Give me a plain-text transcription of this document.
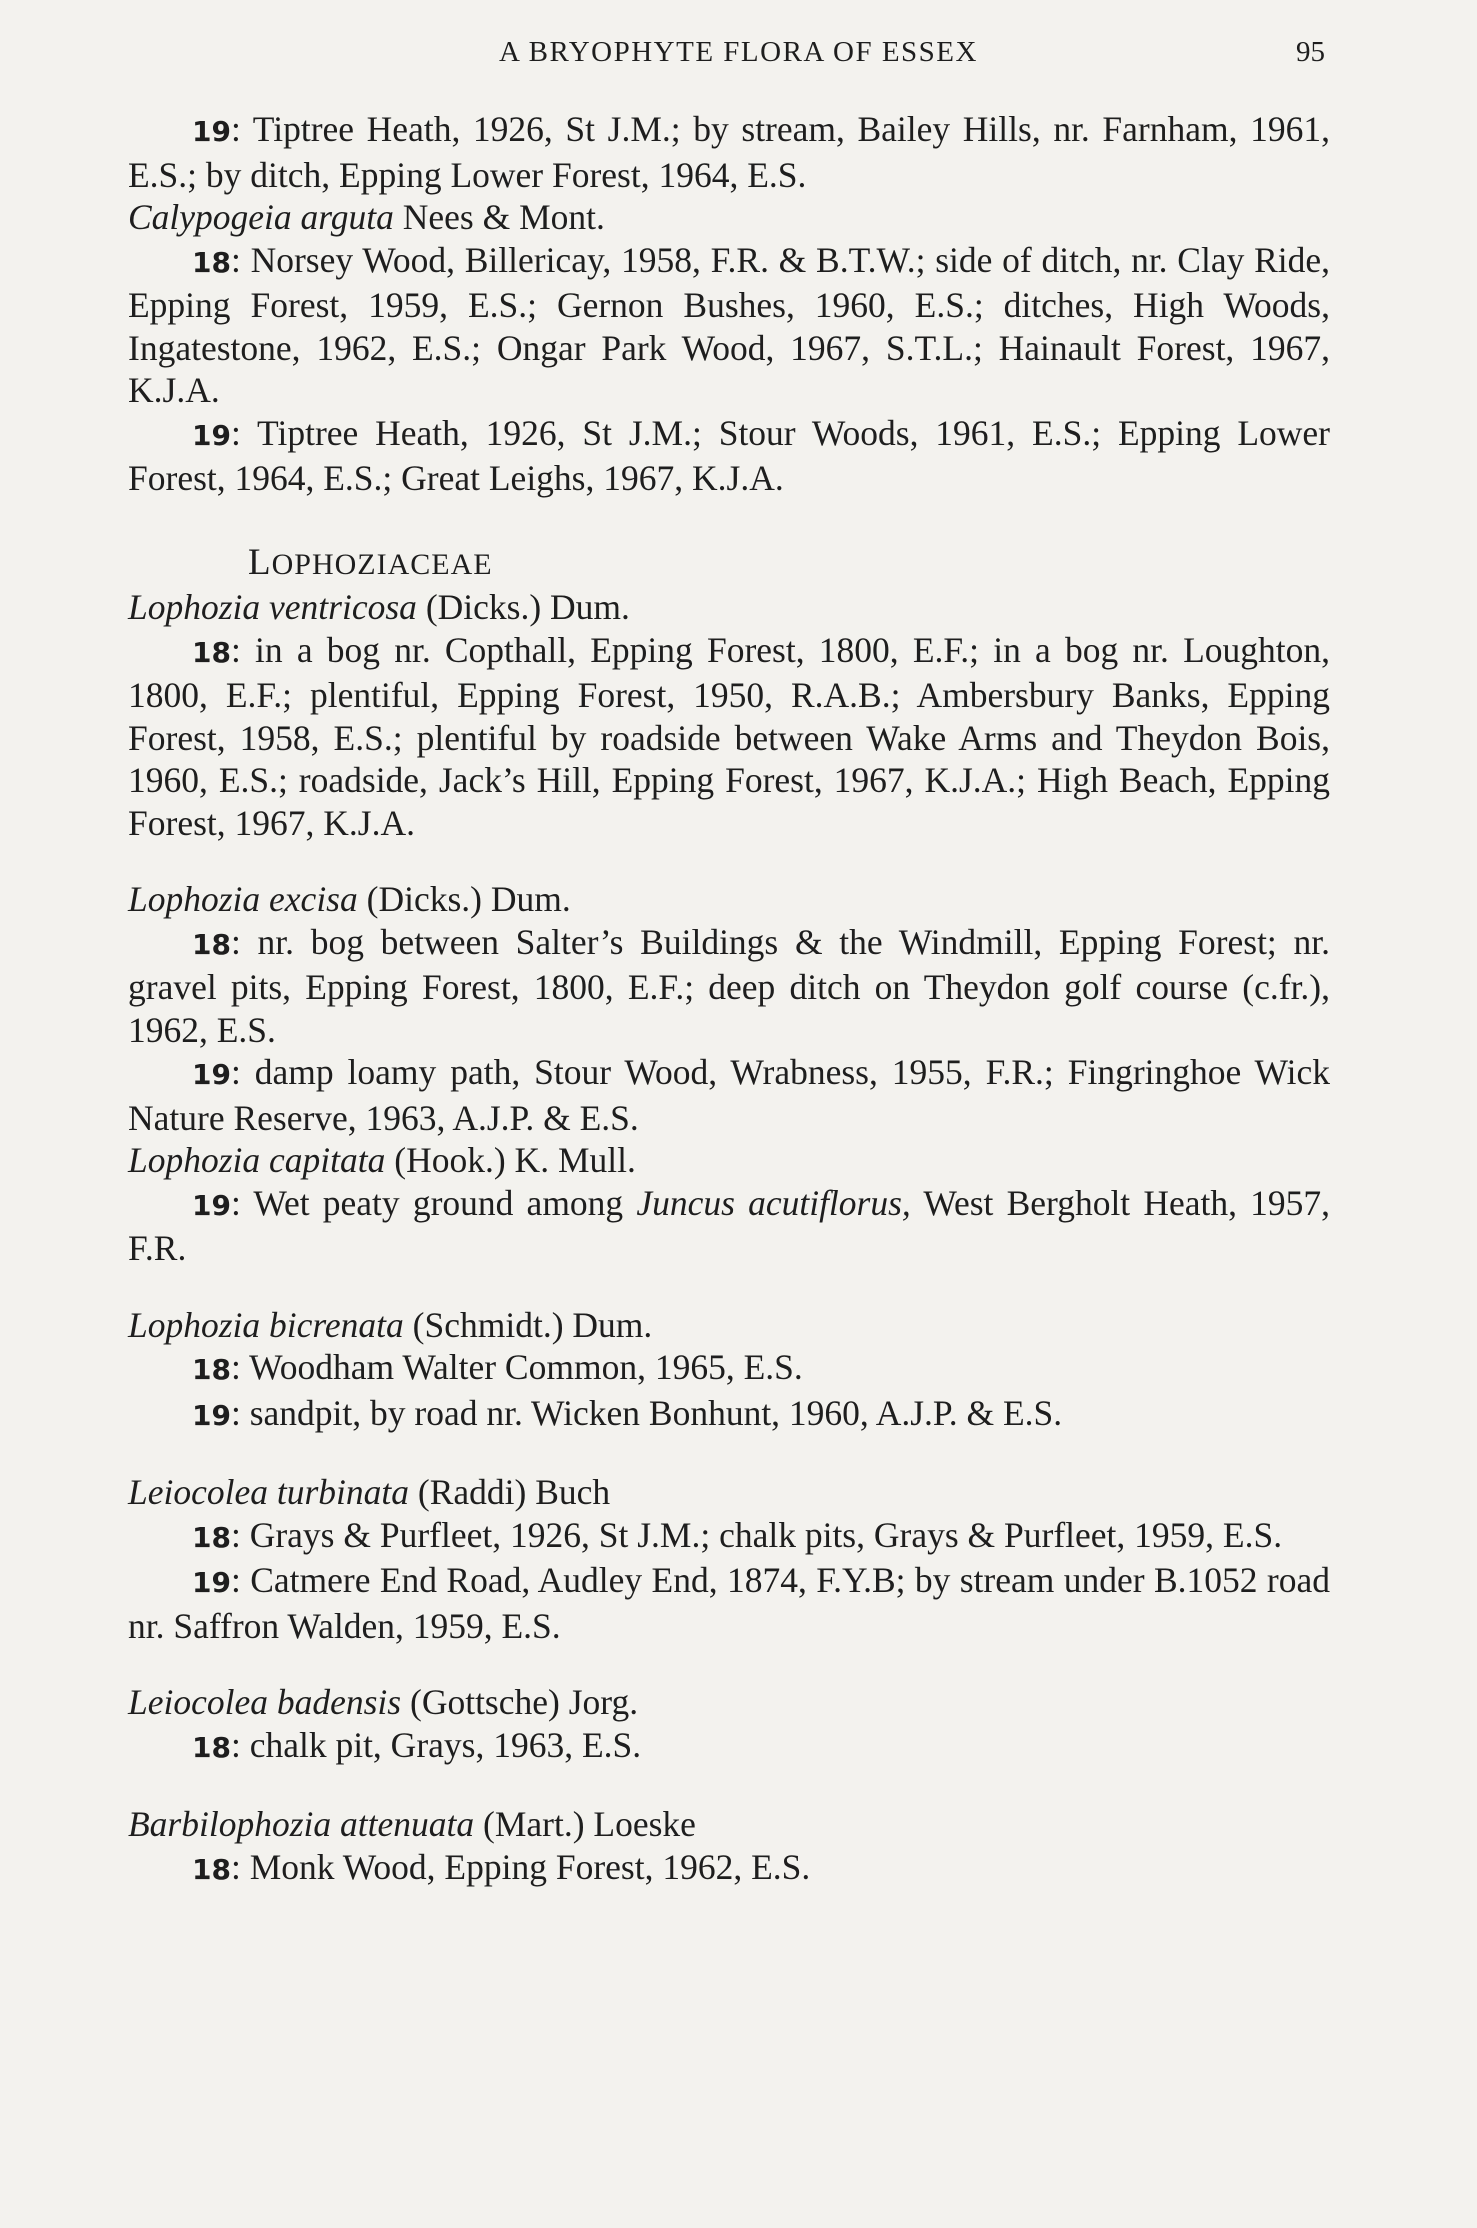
A BRYOPHYTE FLORA OF ESSEX	95

19: Tiptree Heath, 1926, St J.M.; by stream, Bailey Hills, nr. Farnham, 1961, E.S.; by ditch, Epping Lower Forest, 1964, E.S.

Calypogeia arguta Nees & Mont.

18: Norsey Wood, Billericay, 1958, F.R. & B.T.W.; side of ditch, nr. Clay Ride, Epping Forest, 1959, E.S.; Gernon Bushes, 1960, E.S.; ditches, High Woods, Ingatestone, 1962, E.S.; Ongar Park Wood, 1967, S.T.L.; Hainault Forest, 1967, K.J.A.

19: Tiptree Heath, 1926, St J.M.; Stour Woods, 1961, E.S.; Epping Lower Forest, 1964, E.S.; Great Leighs, 1967, K.J.A.

LOPHOZIACEAE

Lophozia ventricosa (Dicks.) Dum.

18: in a bog nr. Copthall, Epping Forest, 1800, E.F.; in a bog nr. Loughton, 1800, E.F.; plentiful, Epping Forest, 1950, R.A.B.; Ambersbury Banks, Epping Forest, 1958, E.S.; plentiful by roadside between Wake Arms and Theydon Bois, 1960, E.S.; roadside, Jack’s Hill, Epping Forest, 1967, K.J.A.; High Beach, Epping Forest, 1967, K.J.A.

Lophozia excisa (Dicks.) Dum.

18: nr. bog between Salter’s Buildings & the Windmill, Epping Forest; nr. gravel pits, Epping Forest, 1800, E.F.; deep ditch on Theydon golf course (c.fr.), 1962, E.S.

19: damp loamy path, Stour Wood, Wrabness, 1955, F.R.; Fingringhoe Wick Nature Reserve, 1963, A.J.P. & E.S.

Lophozia capitata (Hook.) K. Mull.

19: Wet peaty ground among Juncus acutiflorus, West Bergholt Heath, 1957, F.R.

Lophozia bicrenata (Schmidt.) Dum.

18: Woodham Walter Common, 1965, E.S.

19: sandpit, by road nr. Wicken Bonhunt, 1960, A.J.P. & E.S.

Leiocolea turbinata (Raddi) Buch

18: Grays & Purfleet, 1926, St J.M.; chalk pits, Grays & Purfleet, 1959, E.S.

19: Catmere End Road, Audley End, 1874, F.Y.B; by stream under B.1052 road nr. Saffron Walden, 1959, E.S.

Leiocolea badensis (Gottsche) Jorg.

18: chalk pit, Grays, 1963, E.S.

Barbilophozia attenuata (Mart.) Loeske

18: Monk Wood, Epping Forest, 1962, E.S.
